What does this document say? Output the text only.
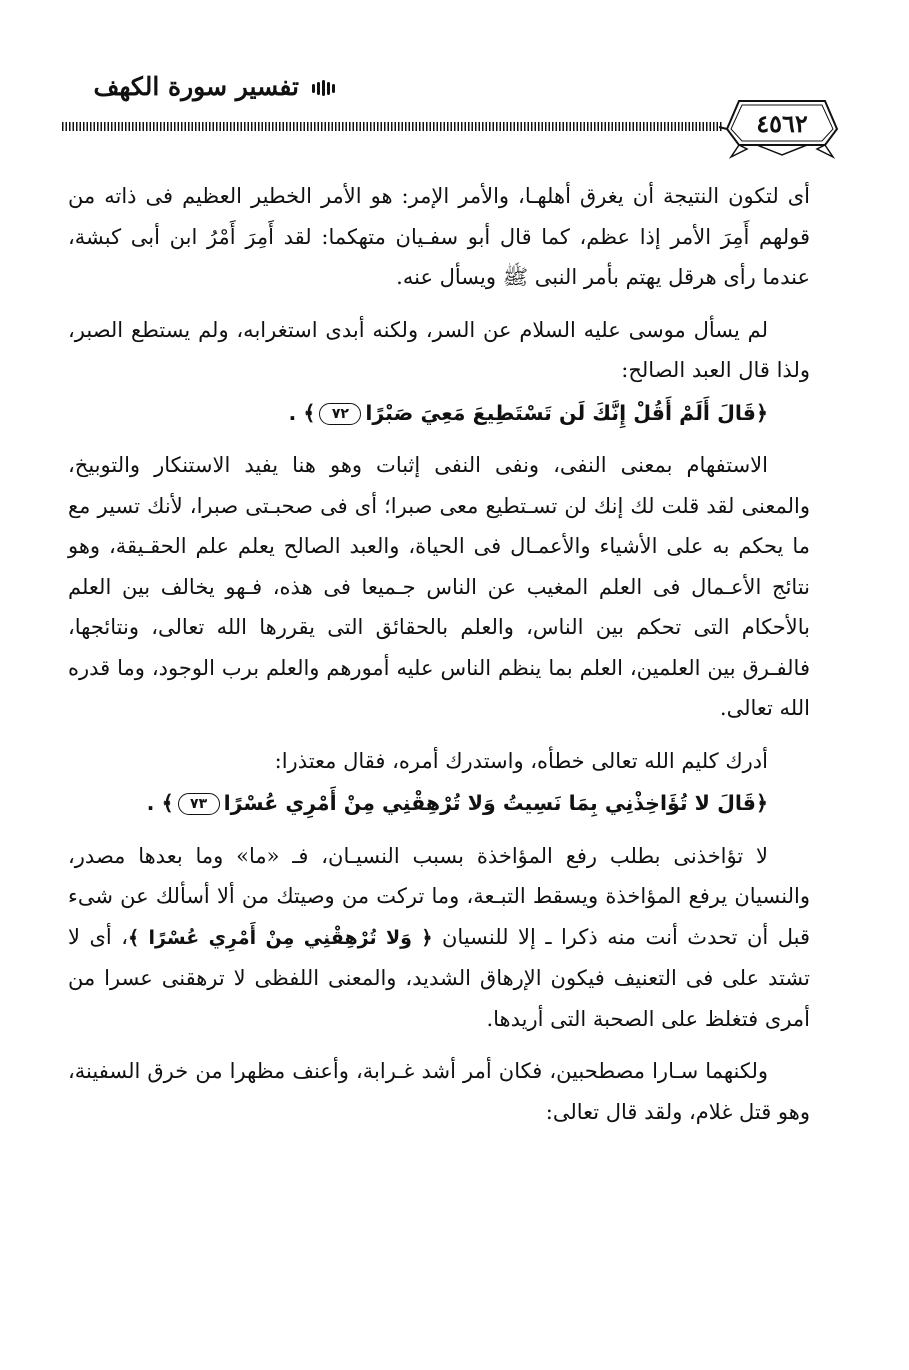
تفسير سورة الكهف
٤٥٦٢

أى لتكون النتيجة أن يغرق أهلهـا، والأمر الإمر: هو الأمر الخطير العظيم فى ذاته من قولهم أَمِرَ الأمر إذا عظم، كما قال أبو سفـيان متهكما: لقد أَمِرَ أَمْرُ ابن أبى كبشة، عندما رأى هرقل يهتم بأمر النبى ﷺ ويسأل عنه.

لم يسأل موسى عليه السلام عن السر، ولكنه أبدى استغرابه، ولم يستطع الصبر، ولذا قال العبد الصالح:

﴿قَالَ أَلَمْ أَقُلْ إِنَّكَ لَن تَسْتَطِيعَ مَعِيَ صَبْرًا٧٢﴾ .

الاستفهام بمعنى النفى، ونفى النفى إثبات وهو هنا يفيد الاستنكار والتوبيخ، والمعنى لقد قلت لك إنك لن تسـتطيع معى صبرا؛ أى فى صحبـتى صبرا، لأنك تسير مع ما يحكم به على الأشياء والأعمـال فى الحياة، والعبد الصالح يعلم علم الحقـيقة، وهو نتائج الأعـمال فى العلم المغيب عن الناس جـميعا فى هذه، فـهو يخالف بين العلم بالأحكام التى تحكم بين الناس، والعلم بالحقائق التى يقررها الله تعالى، ونتائجها، فالفـرق بين العلمين، العلم بما ينظم الناس عليه أمورهم والعلم برب الوجود، وما قدره الله تعالى.

أدرك كليم الله تعالى خطأه، واستدرك أمره، فقال معتذرا:

﴿قَالَ لا تُؤَاخِذْنِي بِمَا نَسِيتُ وَلا تُرْهِقْنِي مِنْ أَمْرِي عُسْرًا٧٣﴾ .

لا تؤاخذنى بطلب رفع المؤاخذة بسبب النسيـان، فـ «ما» وما بعدها مصدر، والنسيان يرفع المؤاخذة ويسقط التبـعة، وما تركت من وصيتك من ألا أسألك عن شىء قبل أن تحدث أنت منه ذكرا ـ إلا للنسيان ﴿ وَلا تُرْهِقْنِي مِنْ أَمْرِي عُسْرًا ﴾، أى لا تشتد على فى التعنيف فيكون الإرهاق الشديد، والمعنى اللفظى لا ترهقنى عسرا من أمرى فتغلظ على الصحبة التى أريدها.

ولكنهما سـارا مصطحبين، فكان أمر أشد غـرابة، وأعنف مظهرا من خرق السفينة، وهو قتل غلام، ولقد قال تعالى:
